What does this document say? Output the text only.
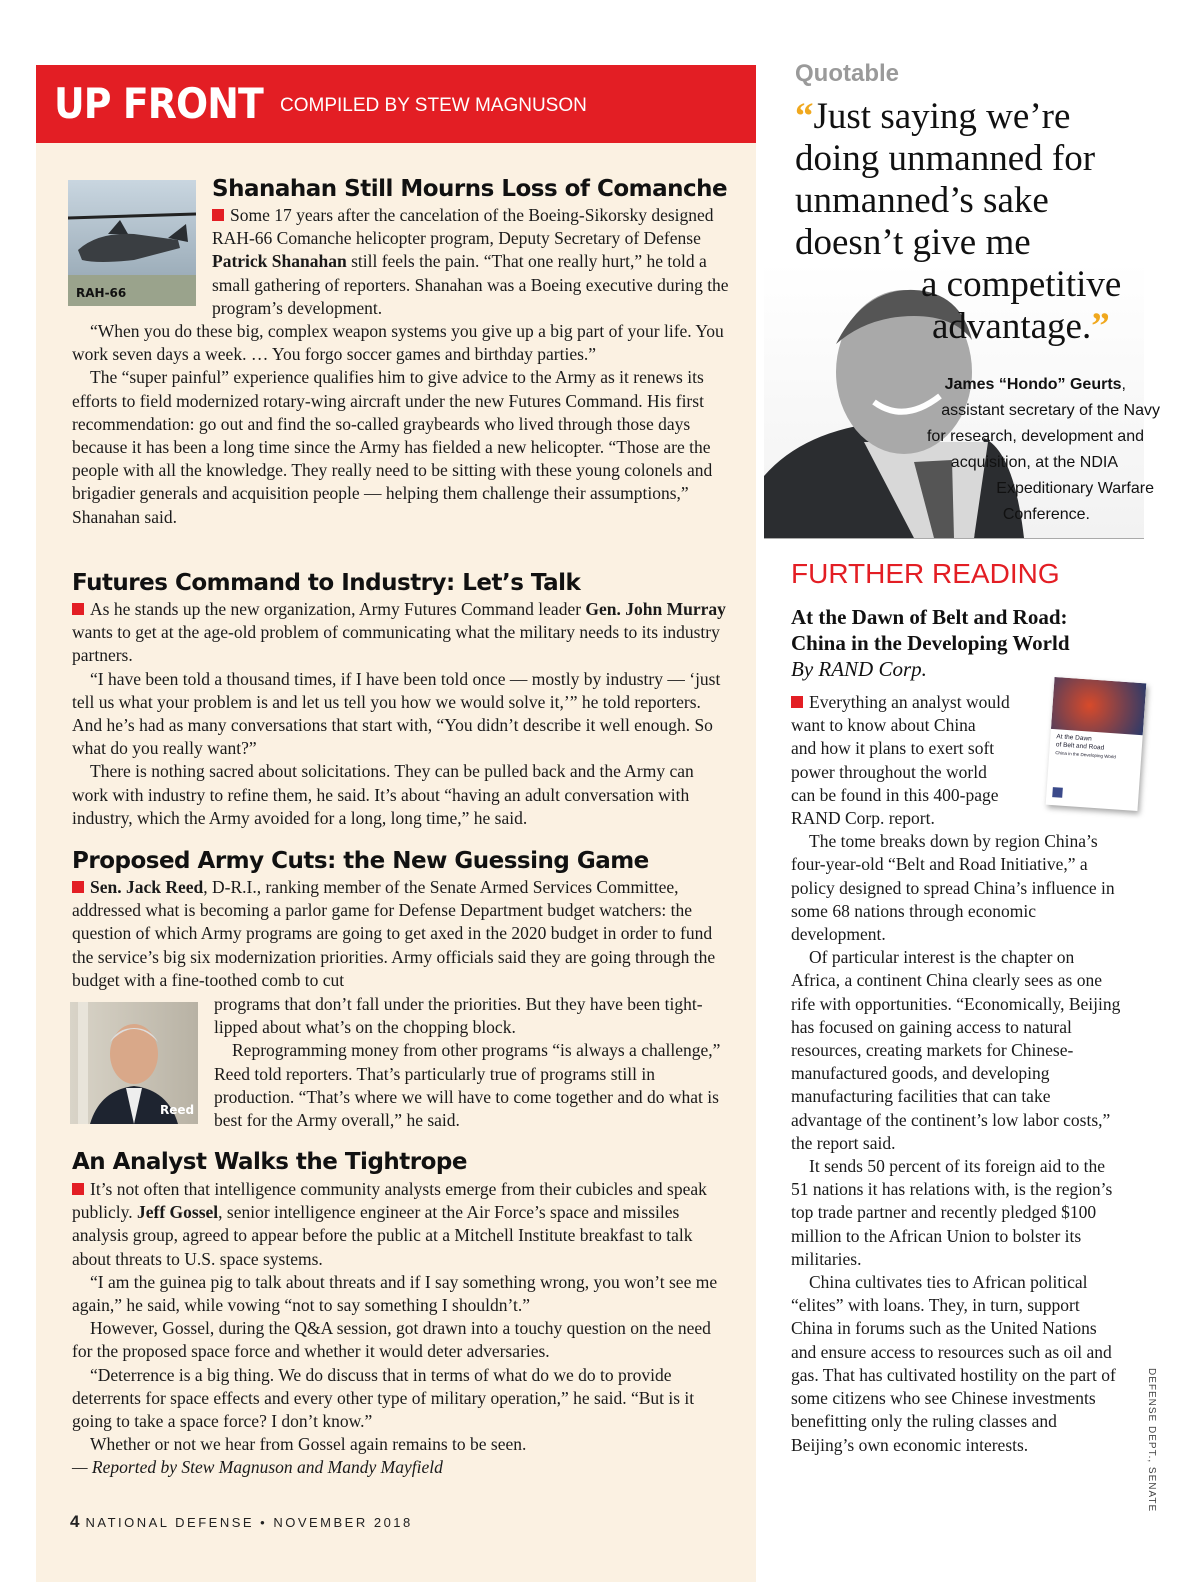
UP FRONT COMPILED BY STEW MAGNUSON
RAH-66
Shanahan Still Mourns Loss of Comanche

Some 17 years after the cancelation of the Boeing-Sikorsky designed RAH-66 Comanche helicopter program, Deputy Secretary of Defense Patrick Shanahan still feels the pain. “That one really hurt,” he told a small gathering of reporters. Shanahan was a Boeing executive during the program’s development.

“When you do these big, complex weapon systems you give up a big part of your life. You work seven days a week. … You forgo soccer games and birthday parties.”

The “super painful” experience qualifies him to give advice to the Army as it renews its efforts to field modernized rotary-wing aircraft under the new Futures Command. His first recommendation: go out and find the so-called graybeards who lived through those days because it has been a long time since the Army has fielded a new helicopter. “Those are the people with all the knowledge. They really need to be sitting with these young colonels and brigadier generals and acquisition people — helping them challenge their assumptions,” Shanahan said.

Futures Command to Industry: Let’s Talk

As he stands up the new organization, Army Futures Command leader Gen. John Murray wants to get at the age-old problem of communicating what the military needs to its industry partners.

“I have been told a thousand times, if I have been told once — mostly by industry — ‘just tell us what your problem is and let us tell you how we would solve it,’” he told reporters. And he’s had as many conversations that start with, “You didn’t describe it well enough. So what do you really want?”

There is nothing sacred about solicitations. They can be pulled back and the Army can work with industry to refine them, he said. It’s about “having an adult conversation with industry, which the Army avoided for a long, long time,” he said.

Proposed Army Cuts: the New Guessing Game

Sen. Jack Reed, D-R.I., ranking member of the Senate Armed Services Committee, addressed what is becoming a parlor game for Defense Department budget watchers: the question of which Army programs are going to get axed in the 2020 budget in order to fund the service’s big six modernization priorities. Army officials said they are going through the budget with a fine-toothed comb to cut

Reed

programs that don’t fall under the priorities. But they have been tight-lipped about what’s on the chopping block.

Reprogramming money from other programs “is always a challenge,” Reed told reporters. That’s particularly true of programs still in production. “That’s where we will have to come together and do what is best for the Army overall,” he said.

An Analyst Walks the Tightrope

It’s not often that intelligence community analysts emerge from their cubicles and speak publicly. Jeff Gossel, senior intelligence engineer at the Air Force’s space and missiles analysis group, agreed to appear before the public at a Mitchell Institute breakfast to talk about threats to U.S. space systems.

“I am the guinea pig to talk about threats and if I say something wrong, you won’t see me again,” he said, while vowing “not to say something I shouldn’t.”

However, Gossel, during the Q&A session, got drawn into a touchy question on the need for the proposed space force and whether it would deter adversaries.

“Deterrence is a big thing. We do discuss that in terms of what do we do to provide deterrents for space effects and every other type of military operation,” he said. “But is it going to take a space force? I don’t know.”

Whether or not we hear from Gossel again remains to be seen.

— Reported by Stew Magnuson and Mandy Mayfield

4 NATIONAL DEFENSE • NOVEMBER 2018
Quotable
“Just saying we’re
doing unmanned for
unmanned’s sake
doesn’t give me
a competitive
advantage.”
James “Hondo” Geurts,
assistant secretary of the Navy
for research, development and
acquisition, at the NDIA
Expeditionary Warfare
Conference.
FURTHER READING
At the Dawn of Belt and Road:
China in the Developing World
By RAND Corp.
At the Dawn
of Belt and Road
China in the Developing World
Everything an analyst would
want to know about China
and how it plans to exert soft
power throughout the world
can be found in this 400-page
RAND Corp. report.

The tome breaks down by region China’s four-year-old “Belt and Road Initiative,” a policy designed to spread China’s influence in some 68 nations through economic development.

Of particular interest is the chapter on Africa, a continent China clearly sees as one rife with opportunities. “Economically, Beijing has focused on gaining access to natural resources, creating markets for Chinese-manufactured goods, and developing manufacturing facilities that can take advantage of the continent’s low labor costs,” the report said.

It sends 50 percent of its foreign aid to the 51 nations it has relations with, is the region’s top trade partner and recently pledged $100 million to the African Union to bolster its militaries.

China cultivates ties to African political “elites” with loans. They, in turn, support China in forums such as the United Nations and ensure access to resources such as oil and gas. That has cultivated hostility on the part of some citizens who see Chinese investments benefitting only the ruling classes and Beijing’s own economic interests.	DEFENSE DEPT., SENATE
